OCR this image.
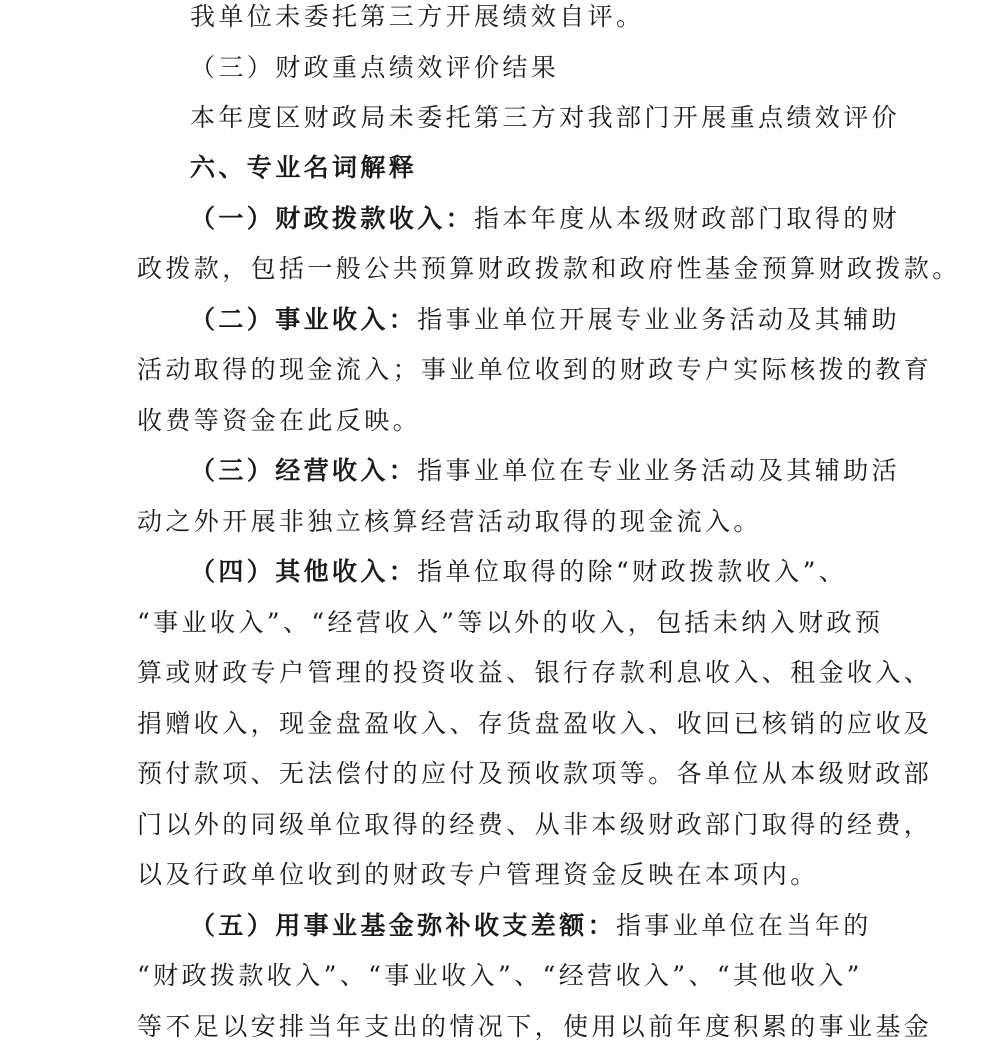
我单位未委托第三方开展绩效自评。
（三）财政重点绩效评价结果
本年度区财政局未委托第三方对我部门开展重点绩效评价
六、专业名词解释
（一）财政拨款收入：指本年度从本级财政部门取得的财
政拨款，包括一般公共预算财政拨款和政府性基金预算财政拨款。
（二）事业收入：指事业单位开展专业业务活动及其辅助
活动取得的现金流入；事业单位收到的财政专户实际核拨的教育
收费等资金在此反映。
（三）经营收入：指事业单位在专业业务活动及其辅助活
动之外开展非独立核算经营活动取得的现金流入。
（四）其他收入：指单位取得的除“财政拨款收入”、
“事业收入”、“经营收入”等以外的收入，包括未纳入财政预
算或财政专户管理的投资收益、银行存款利息收入、租金收入、
捐赠收入，现金盘盈收入、存货盘盈收入、收回已核销的应收及
预付款项、无法偿付的应付及预收款项等。各单位从本级财政部
门以外的同级单位取得的经费、从非本级财政部门取得的经费，
以及行政单位收到的财政专户管理资金反映在本项内。
（五）用事业基金弥补收支差额：指事业单位在当年的
“财政拨款收入”、“事业收入”、“经营收入”、“其他收入”
等不足以安排当年支出的情况下，使用以前年度积累的事业基金
